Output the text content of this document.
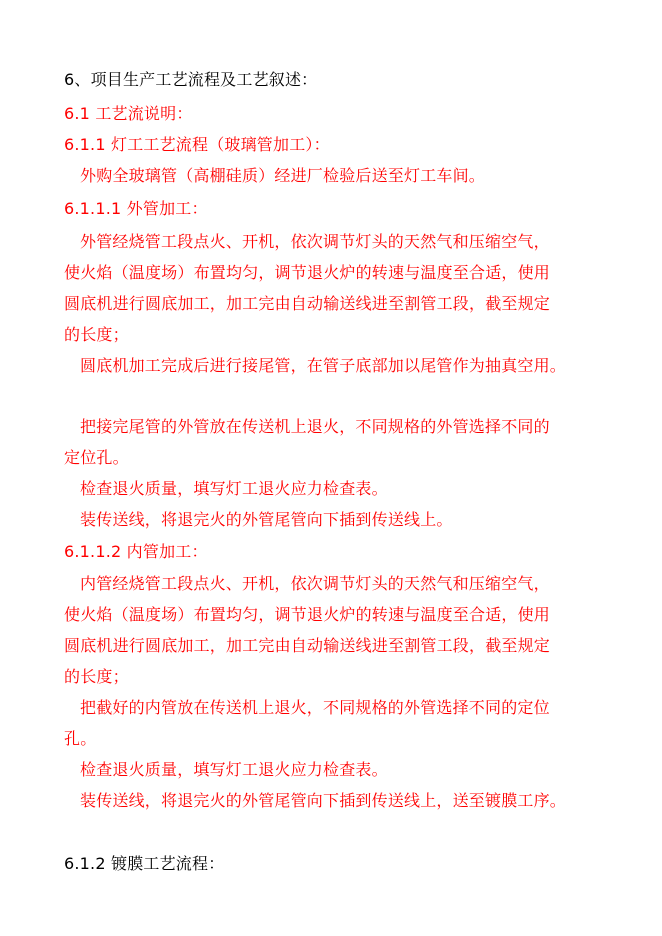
6、项目生产工艺流程及工艺叙述：
6.1 工艺流说明：
6.1.1 灯工工艺流程（玻璃管加工）：
外购全玻璃管（高棚硅质）经进厂检验后送至灯工车间。
6.1.1.1 外管加工：
外管经烧管工段点火、开机，依次调节灯头的天然气和压缩空气，
使火焰（温度场）布置均匀，调节退火炉的转速与温度至合适，使用
圆底机进行圆底加工，加工完由自动输送线进至割管工段，截至规定
的长度；
圆底机加工完成后进行接尾管，在管子底部加以尾管作为抽真空用。
把接完尾管的外管放在传送机上退火，不同规格的外管选择不同的
定位孔。
检查退火质量，填写灯工退火应力检查表。
装传送线，将退完火的外管尾管向下插到传送线上。
6.1.1.2 内管加工：
内管经烧管工段点火、开机，依次调节灯头的天然气和压缩空气，
使火焰（温度场）布置均匀，调节退火炉的转速与温度至合适，使用
圆底机进行圆底加工，加工完由自动输送线进至割管工段，截至规定
的长度；
把截好的内管放在传送机上退火，不同规格的外管选择不同的定位
孔。
检查退火质量，填写灯工退火应力检查表。
装传送线，将退完火的外管尾管向下插到传送线上，送至镀膜工序。
6.1.2 镀膜工艺流程：
